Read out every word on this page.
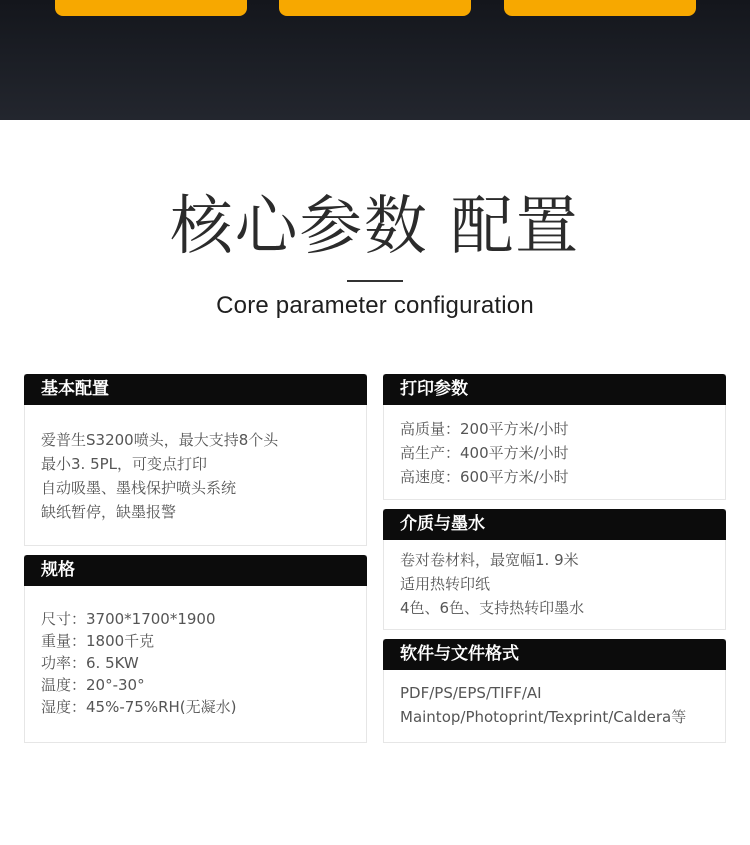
核心参数 配置
Core parameter configuration
基本配置
爱普生S3200喷头，最大支持8个头
最小3. 5PL，可变点打印
自动吸墨、墨栈保护喷头系统
缺纸暂停，缺墨报警
规格
尺寸：3700*1700*1900
重量：1800千克
功率：6. 5KW
温度：20°-30°
湿度：45%-75%RH(无凝水)
打印参数
高质量：200平方米/小时
高生产：400平方米/小时
高速度：600平方米/小时
介质与墨水
卷对卷材料，最宽幅1. 9米
适用热转印纸
4色、6色、支持热转印墨水
软件与文件格式
PDF/PS/EPS/TIFF/AI
Maintop/Photoprint/Texprint/Caldera等
